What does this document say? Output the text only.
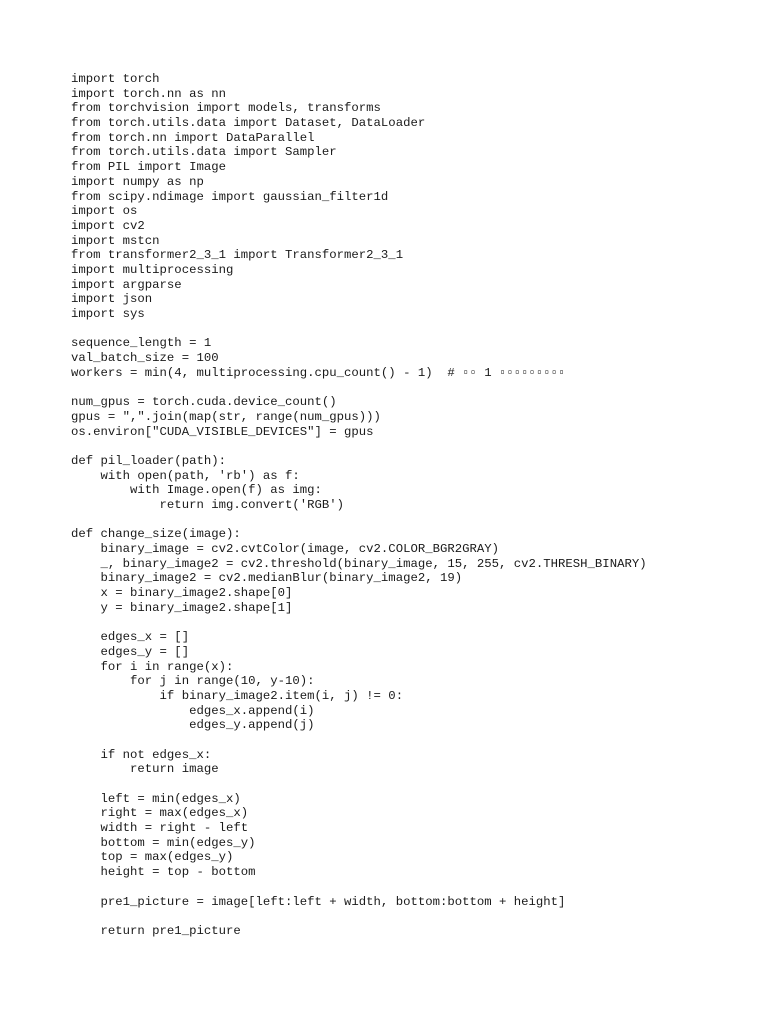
import torch
import torch.nn as nn
from torchvision import models, transforms
from torch.utils.data import Dataset, DataLoader
from torch.nn import DataParallel
from torch.utils.data import Sampler
from PIL import Image
import numpy as np
from scipy.ndimage import gaussian_filter1d
import os
import cv2
import mstcn
from transformer2_3_1 import Transformer2_3_1
import multiprocessing
import argparse
import json
import sys
sequence_length = 1
val_batch_size = 100
workers = min(4, multiprocessing.cpu_count() - 1)  # ▫▫ 1 ▫▫▫▫▫▫▫▫▫
num_gpus = torch.cuda.device_count()
gpus = ",".join(map(str, range(num_gpus)))
os.environ["CUDA_VISIBLE_DEVICES"] = gpus
def pil_loader(path):
with open(path, 'rb') as f:
with Image.open(f) as img:
return img.convert('RGB')
def change_size(image):
binary_image = cv2.cvtColor(image, cv2.COLOR_BGR2GRAY)
_, binary_image2 = cv2.threshold(binary_image, 15, 255, cv2.THRESH_BINARY)
binary_image2 = cv2.medianBlur(binary_image2, 19)
x = binary_image2.shape[0]
y = binary_image2.shape[1]
edges_x = []
edges_y = []
for i in range(x):
for j in range(10, y-10):
if binary_image2.item(i, j) != 0:
edges_x.append(i)
edges_y.append(j)
if not edges_x:
return image
left = min(edges_x)
right = max(edges_x)
width = right - left
bottom = min(edges_y)
top = max(edges_y)
height = top - bottom
pre1_picture = image[left:left + width, bottom:bottom + height]
return pre1_picture
